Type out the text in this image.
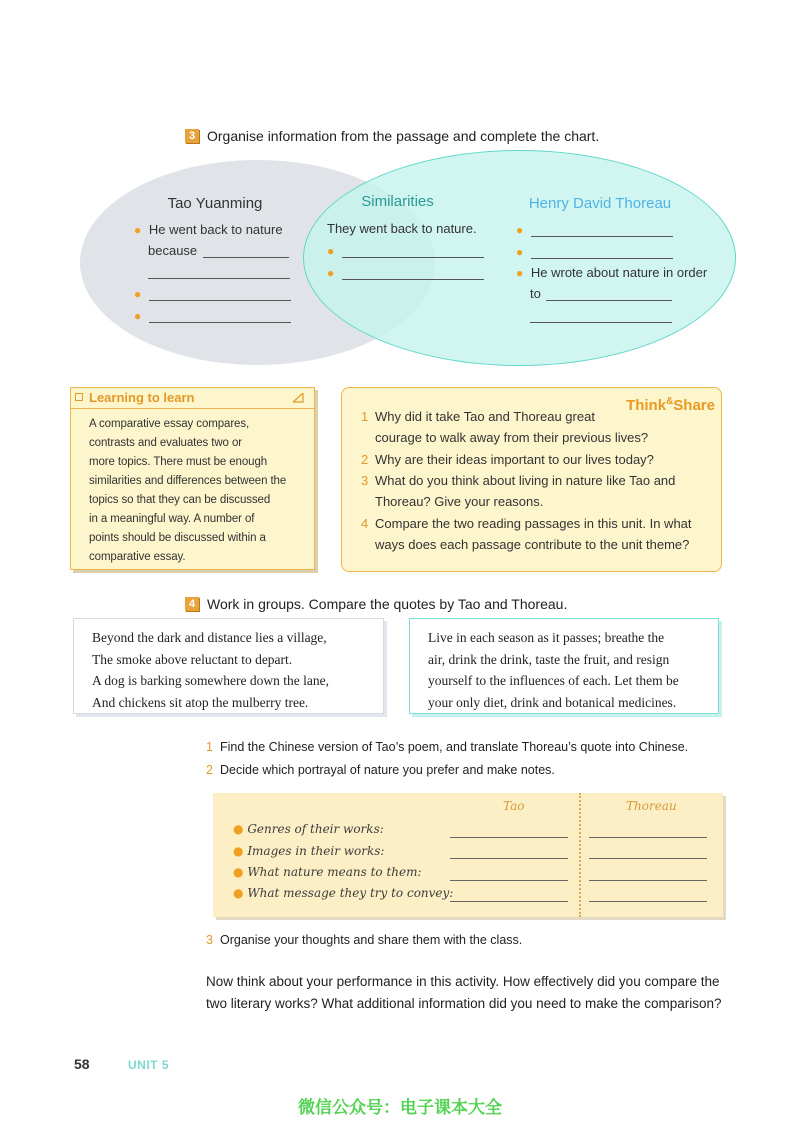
3 Organise information from the passage and complete the chart.
Tao Yuanming	Similarities	Henry David Thoreau
● He went back to nature
because
●
●
They went back to nature.
●
●
●
●
● He wrote about nature in order
to
Learning to learn
A comparative essay compares,
contrasts and evaluates two or
more topics. There must be enough
similarities and differences between the
topics so that they can be discussed
in a meaningful way. A number of
points should be discussed within a
comparative essay.
Think&Share
1 Why did it take Tao and Thoreau great
courage to walk away from their previous lives?
2 Why are their ideas important to our lives today?
3 What do you think about living in nature like Tao and
Thoreau? Give your reasons.
4 Compare the two reading passages in this unit. In what
ways does each passage contribute to the unit theme?
4 Work in groups. Compare the quotes by Tao and Thoreau.
Beyond the dark and distance lies a village,
The smoke above reluctant to depart.
A dog is barking somewhere down the lane,
And chickens sit atop the mulberry tree.
Live in each season as it passes; breathe the
air, drink the drink, taste the fruit, and resign
yourself to the influences of each. Let them be
your only diet, drink and botanical medicines.
1 Find the Chinese version of Tao’s poem, and translate Thoreau’s quote into Chinese.
2 Decide which portrayal of nature you prefer and make notes.
Tao	Thoreau
● Genres of their works:
● Images in their works:
● What nature means to them:
● What message they try to convey:
3 Organise your thoughts and share them with the class.
Now think about your performance in this activity. How effectively did you compare the two literary works? What additional information did you need to make the comparison?
58	UNIT 5
微信公众号：电子课本大全
